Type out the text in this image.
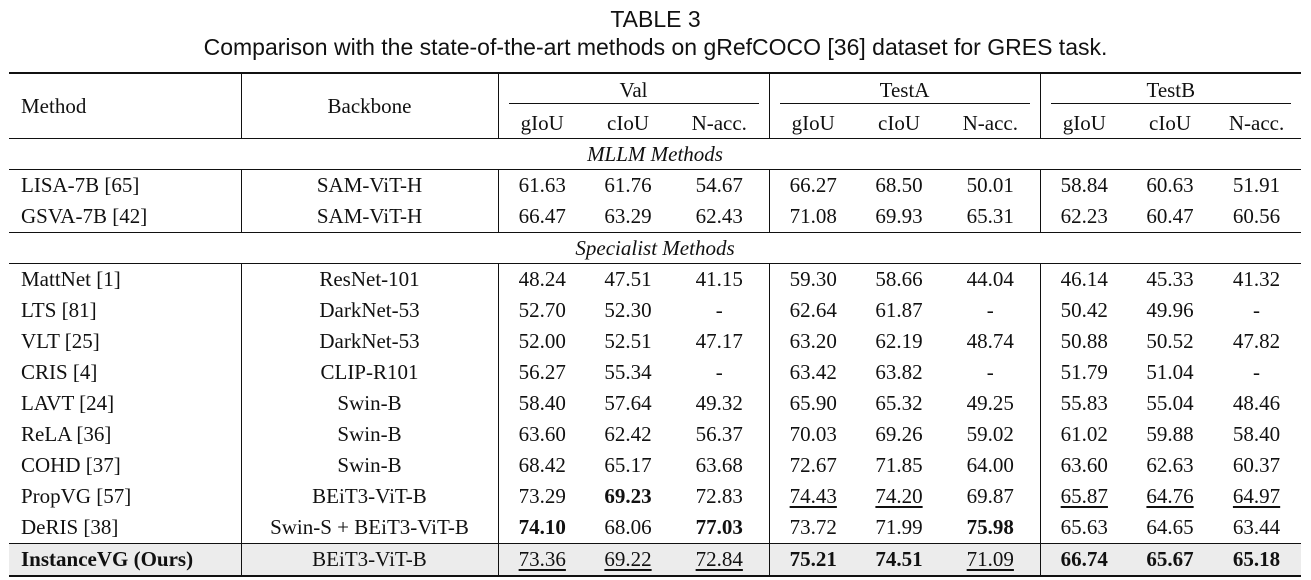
TABLE 3
Comparison with the state-of-the-art methods on gRefCOCO [36] dataset for GRES task.
Method	Backbone	Val			TestA			TestB		

		gIoU	cIoU	N-acc.	gIoU	cIoU	N-acc.	gIoU	cIoU	N-acc.
MLLM Methods										
LISA-7B [65]	SAM-ViT-H	61.63	61.76	54.67	66.27	68.50	50.01	58.84	60.63	51.91
GSVA-7B [42]	SAM-ViT-H	66.47	63.29	62.43	71.08	69.93	65.31	62.23	60.47	60.56
Specialist Methods										
MattNet [1]	ResNet-101	48.24	47.51	41.15	59.30	58.66	44.04	46.14	45.33	41.32
LTS [81]	DarkNet-53	52.70	52.30	-	62.64	61.87	-	50.42	49.96	-
VLT [25]	DarkNet-53	52.00	52.51	47.17	63.20	62.19	48.74	50.88	50.52	47.82
CRIS [4]	CLIP-R101	56.27	55.34	-	63.42	63.82	-	51.79	51.04	-
LAVT [24]	Swin-B	58.40	57.64	49.32	65.90	65.32	49.25	55.83	55.04	48.46
ReLA [36]	Swin-B	63.60	62.42	56.37	70.03	69.26	59.02	61.02	59.88	58.40
COHD [37]	Swin-B	68.42	65.17	63.68	72.67	71.85	64.00	63.60	62.63	60.37
PropVG [57]	BEiT3-ViT-B	73.29	69.23	72.83	74.43	74.20	69.87	65.87	64.76	64.97
DeRIS [38]	Swin-S + BEiT3-ViT-B	74.10	68.06	77.03	73.72	71.99	75.98	65.63	64.65	63.44
InstanceVG (Ours)	BEiT3-ViT-B	73.36	69.22	72.84	75.21	74.51	71.09	66.74	65.67	65.18
